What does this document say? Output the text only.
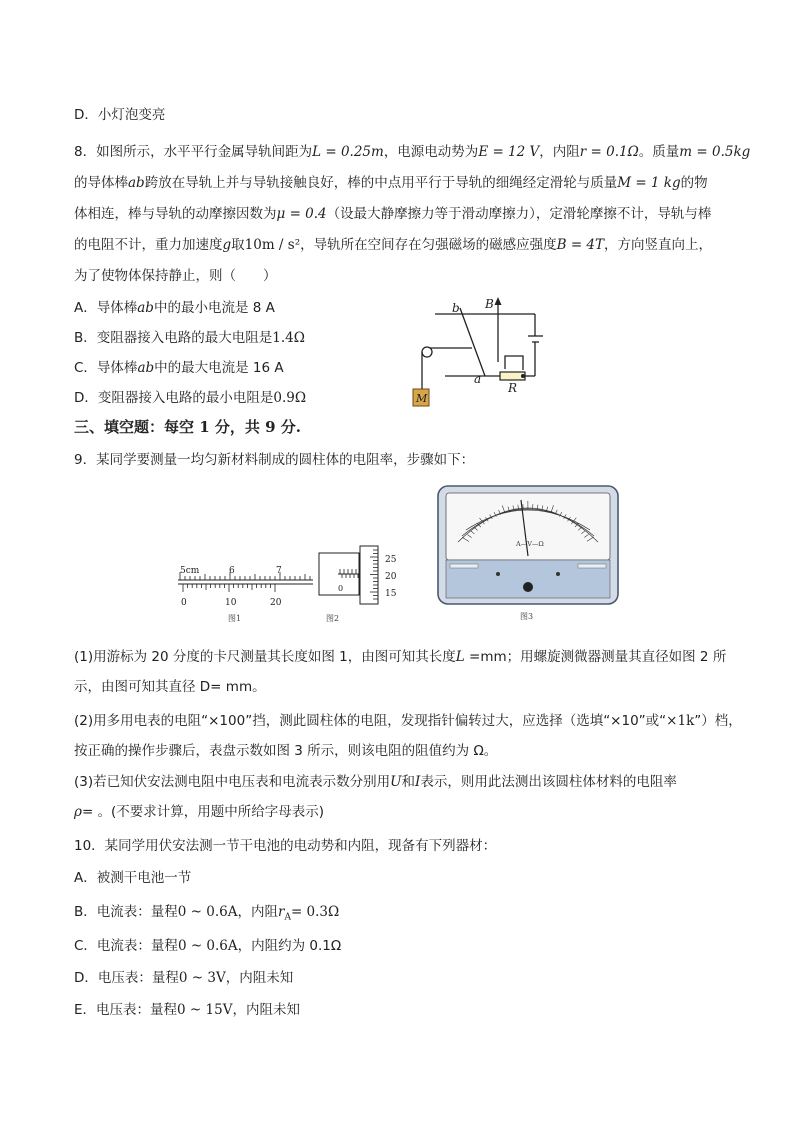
D．小灯泡变亮
8．如图所示，水平平行金属导轨间距为L = 0.25m，电源电动势为E = 12 V，内阻r = 0.1Ω。质量m = 0.5kg
的导体棒ab跨放在导轨上并与导轨接触良好，棒的中点用平行于导轨的细绳经定滑轮与质量M = 1 kg的物
体相连，棒与导轨的动摩擦因数为μ = 0.4（设最大静摩擦力等于滑动摩擦力），定滑轮摩擦不计，导轨与棒
的电阻不计，重力加速度g取10m / s²，导轨所在空间存在匀强磁场的磁感应强度B = 4T，方向竖直向上，
为了使物体保持静止，则（　　）
A．导体棒ab中的最小电流是 8 A
B．变阻器接入电路的最大电阻是1.4Ω
C．导体棒ab中的最大电流是 16 A
D．变阻器接入电路的最小电阻是0.9Ω	M
b B
a
R
三、填空题：每空 1 分，共 9 分.
9．某同学要测量一均匀新材料制成的圆柱体的电阻率，步骤如下：
5cm	6	7
0	10	20
图1
0
25
20
15
图2
A—V—Ω
图3
(1)用游标为 20 分度的卡尺测量其长度如图 1，由图可知其长度L =mm；用螺旋测微器测量其直径如图 2 所
示，由图可知其直径 D= mm。
(2)用多用电表的电阻“×100”挡，测此圆柱体的电阻，发现指针偏转过大，应选择（选填“×10”或“×1k”）档，
按正确的操作步骤后，表盘示数如图 3 所示，则该电阻的阻值约为 Ω。
(3)若已知伏安法测电阻中电压表和电流表示数分别用U和I表示，则用此法测出该圆柱体材料的电阻率
ρ= 。(不要求计算，用题中所给字母表示)
10．某同学用伏安法测一节干电池的电动势和内阻，现备有下列器材：
A．被测干电池一节
B．电流表：量程0 ~ 0.6A，内阻$r_A= 0.3\Omega$
C．电流表：量程0 ~ 0.6A，内阻约为 0.1Ω
D．电压表：量程0 ~ 3V，内阻未知
E．电压表：量程0 ~ 15V，内阻未知
